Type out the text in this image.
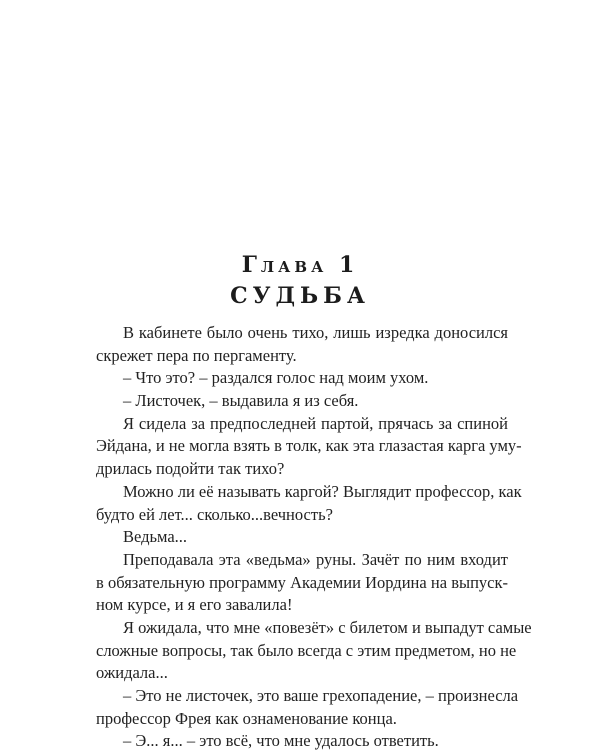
Глава 1
СУДЬБА
В кабинете было очень тихо, лишь изредка доносился
скрежет пера по пергаменту.
– Что это? – раздался голос над моим ухом.
– Листочек, – выдавила я из себя.
Я сидела за предпоследней партой, прячась за спиной
Эйдана, и не могла взять в толк, как эта глазастая карга уму-
дрилась подойти так тихо?
Можно ли её называть каргой? Выглядит профессор, как
будто ей лет... сколько...вечность?
Ведьма...
Преподавала эта «ведьма» руны. Зачёт по ним входит
в обязательную программу Академии Иордина на выпуск-
ном курсе, и я его завалила!
Я ожидала, что мне «повезёт» с билетом и выпадут самые
сложные вопросы, так было всегда с этим предметом, но не
ожидала...
– Это не листочек, это ваше грехопадение, – произнесла
профессор Фрея как ознаменование конца.
– Э... я... – это всё, что мне удалось ответить.
